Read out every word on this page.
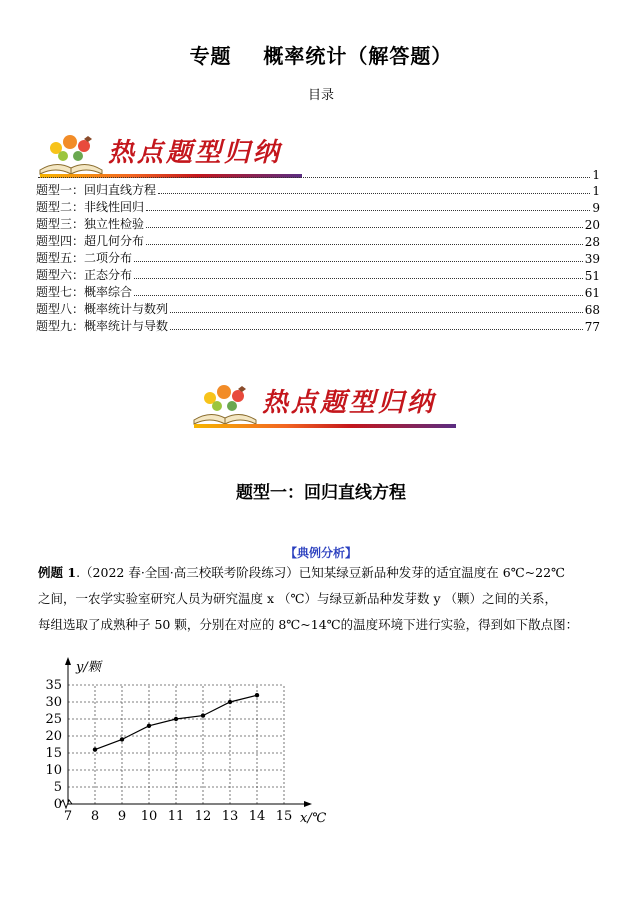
专题    概率统计（解答题）
目录
热点题型归纳
1
题型一：回归直线方程	1
题型二：非线性回归	9
题型三：独立性检验	20
题型四：超几何分布	28
题型五：二项分布	39
题型六：正态分布	51
题型七：概率综合	61
题型八：概率统计与数列	68
题型九：概率统计与导数	77
热点题型归纳
题型一：回归直线方程
【典例分析】
例题 1.（2022 春·全国·高三校联考阶段练习）已知某绿豆新品种发芽的适宜温度在 6℃~22℃
之间，一农学实验室研究人员为研究温度 x （℃）与绿豆新品种发芽数 y （颗）之间的关系，
每组选取了成熟种子 50 颗，分别在对应的 8℃~14℃的温度环境下进行实验，得到如下散点图：
7 8 9 10 11 12 13 14 15
0
5
10
15
20
25
30
35
x/℃
y/颗
